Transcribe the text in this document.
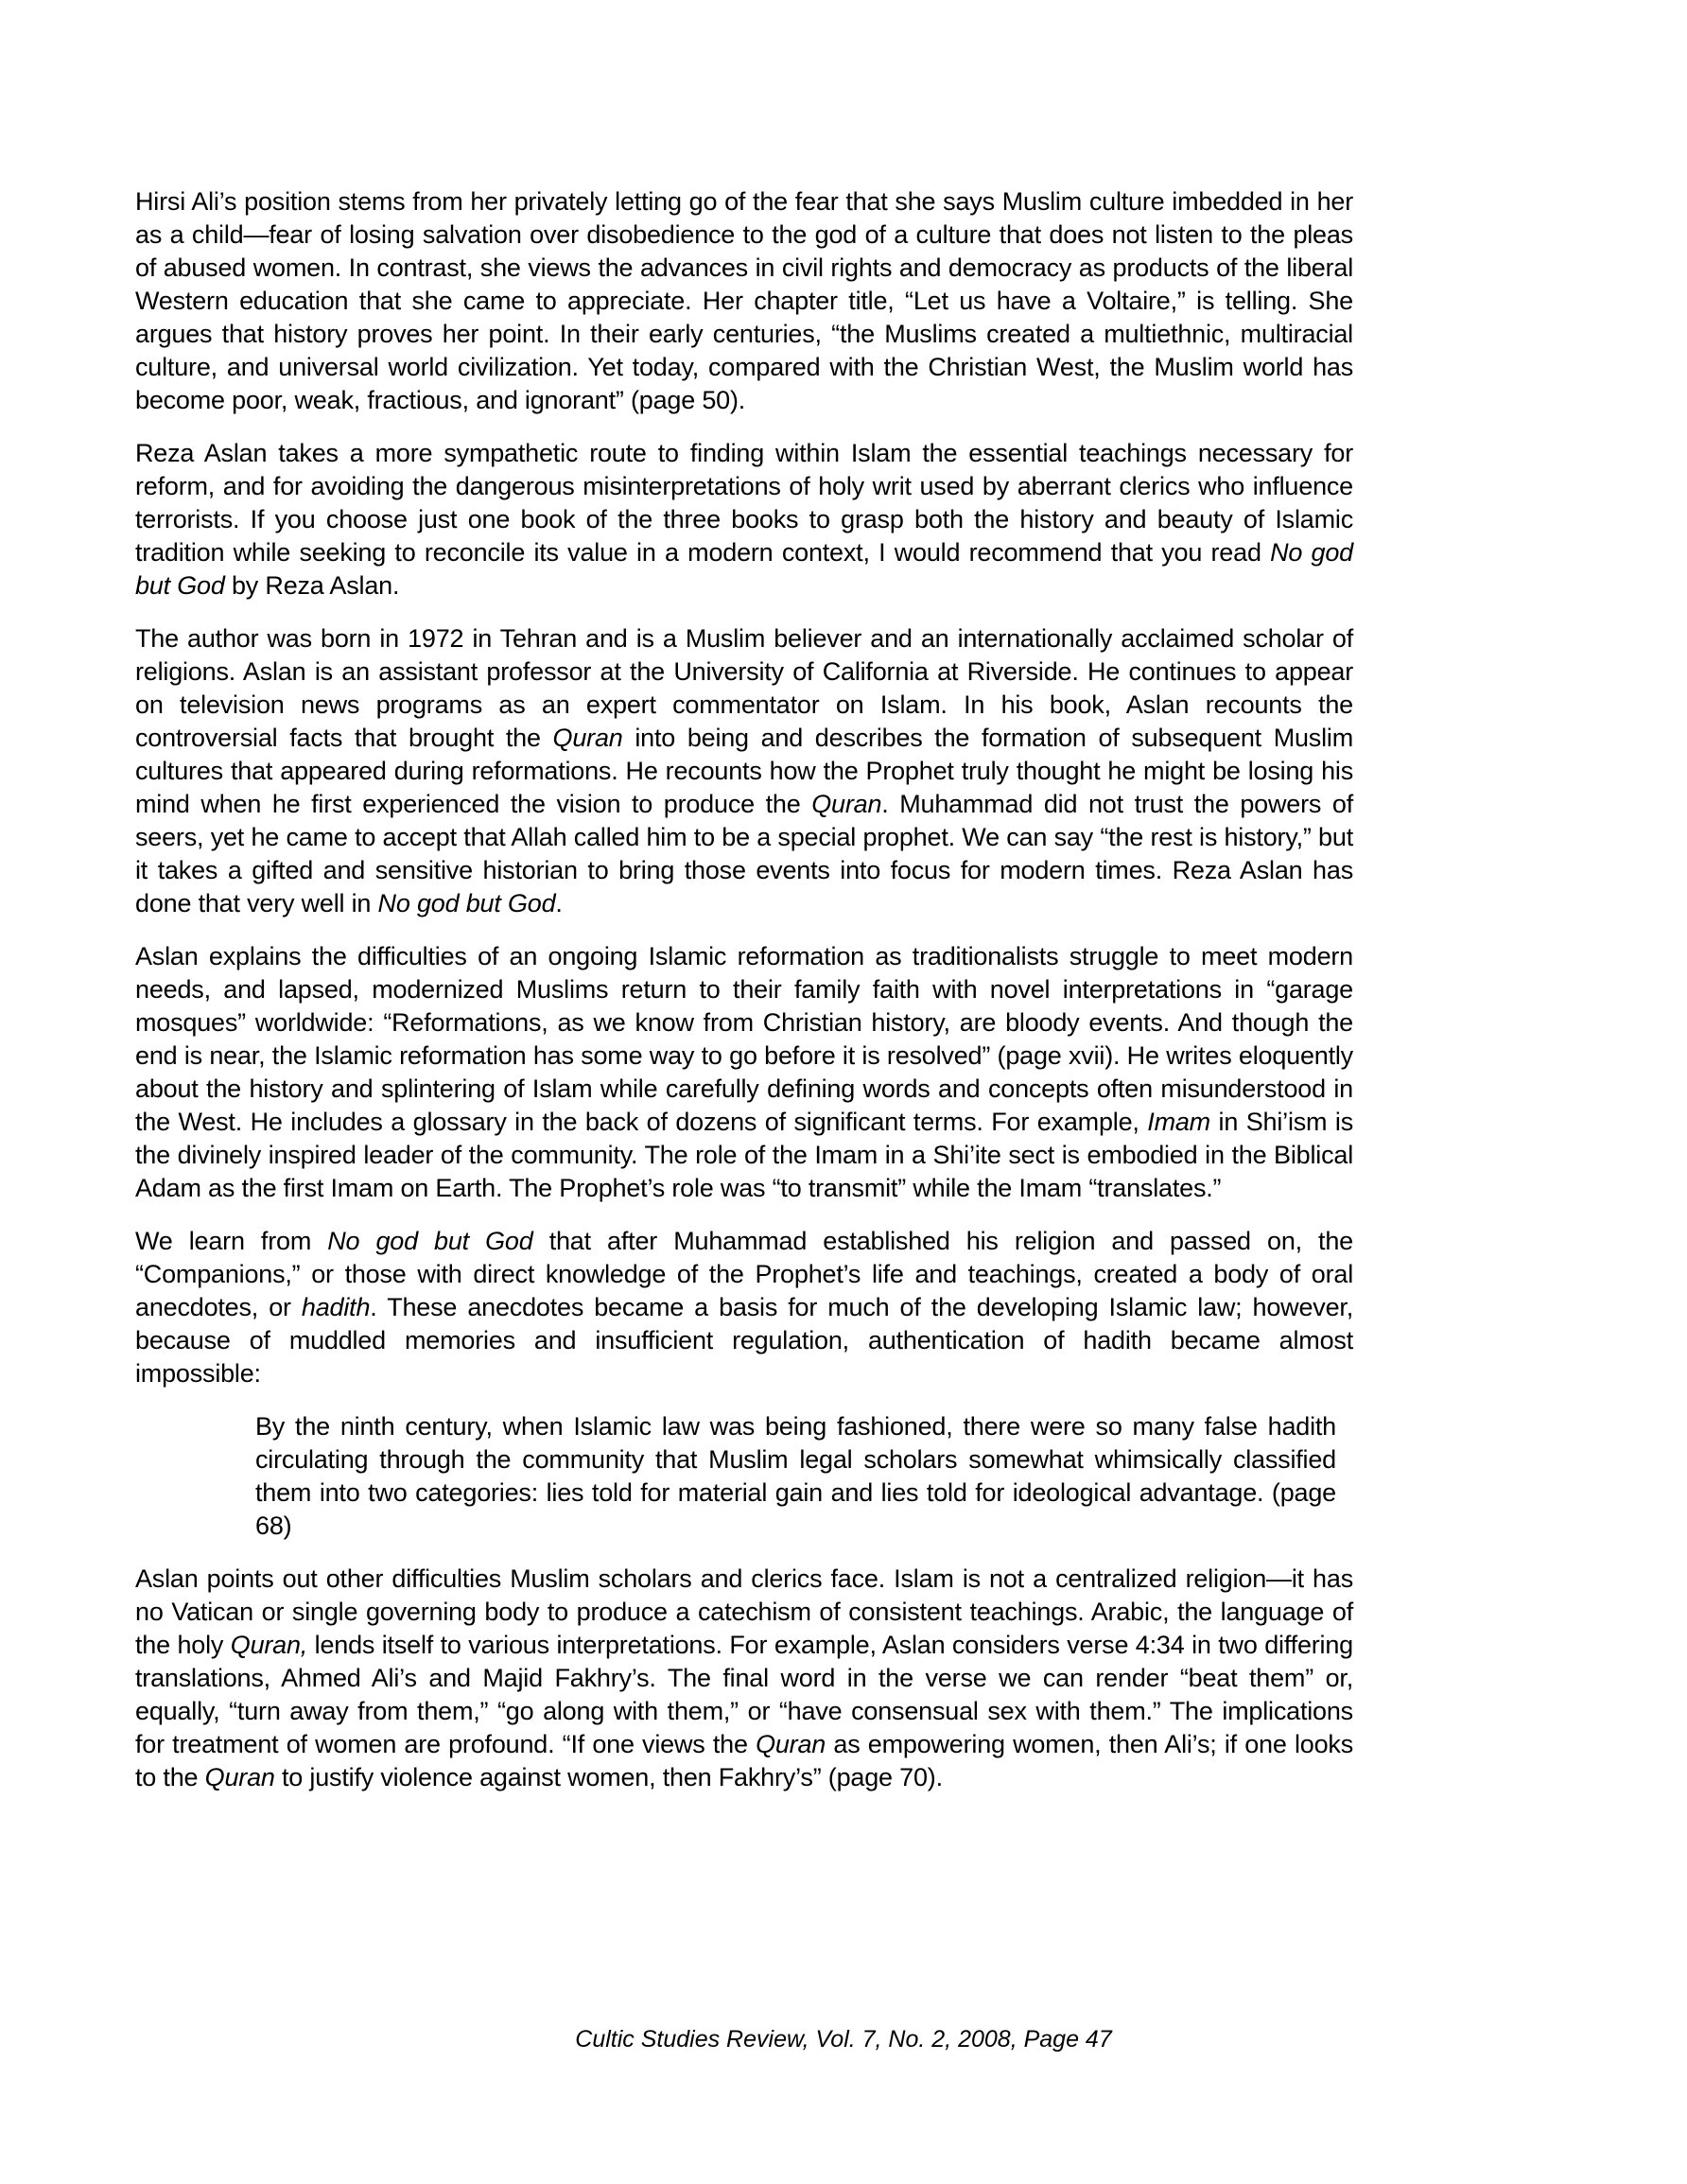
Hirsi Ali’s position stems from her privately letting go of the fear that she says Muslim culture imbedded in her as a child—fear of losing salvation over disobedience to the god of a culture that does not listen to the pleas of abused women. In contrast, she views the advances in civil rights and democracy as products of the liberal Western education that she came to appreciate. Her chapter title, “Let us have a Voltaire,” is telling. She argues that history proves her point. In their early centuries, “the Muslims created a multiethnic, multiracial culture, and universal world civilization. Yet today, compared with the Christian West, the Muslim world has become poor, weak, fractious, and ignorant” (page 50).

Reza Aslan takes a more sympathetic route to finding within Islam the essential teachings necessary for reform, and for avoiding the dangerous misinterpretations of holy writ used by aberrant clerics who influence terrorists. If you choose just one book of the three books to grasp both the history and beauty of Islamic tradition while seeking to reconcile its value in a modern context, I would recommend that you read No god but God by Reza Aslan.

The author was born in 1972 in Tehran and is a Muslim believer and an internationally acclaimed scholar of religions. Aslan is an assistant professor at the University of California at Riverside. He continues to appear on television news programs as an expert commentator on Islam. In his book, Aslan recounts the controversial facts that brought the Quran into being and describes the formation of subsequent Muslim cultures that appeared during reformations. He recounts how the Prophet truly thought he might be losing his mind when he first experienced the vision to produce the Quran. Muhammad did not trust the powers of seers, yet he came to accept that Allah called him to be a special prophet. We can say “the rest is history,” but it takes a gifted and sensitive historian to bring those events into focus for modern times. Reza Aslan has done that very well in No god but God.

Aslan explains the difficulties of an ongoing Islamic reformation as traditionalists struggle to meet modern needs, and lapsed, modernized Muslims return to their family faith with novel interpretations in “garage mosques” worldwide: “Reformations, as we know from Christian history, are bloody events. And though the end is near, the Islamic reformation has some way to go before it is resolved” (page xvii). He writes eloquently about the history and splintering of Islam while carefully defining words and concepts often misunderstood in the West. He includes a glossary in the back of dozens of significant terms. For example, Imam in Shi’ism is the divinely inspired leader of the community. The role of the Imam in a Shi’ite sect is embodied in the Biblical Adam as the first Imam on Earth. The Prophet’s role was “to transmit” while the Imam “translates.”

We learn from No god but God that after Muhammad established his religion and passed on, the “Companions,” or those with direct knowledge of the Prophet’s life and teachings, created a body of oral anecdotes, or hadith. These anecdotes became a basis for much of the developing Islamic law; however, because of muddled memories and insufficient regulation, authentication of hadith became almost impossible:

By the ninth century, when Islamic law was being fashioned, there were so many false hadith circulating through the community that Muslim legal scholars somewhat whimsically classified them into two categories: lies told for material gain and lies told for ideological advantage. (page 68)

Aslan points out other difficulties Muslim scholars and clerics face. Islam is not a centralized religion—it has no Vatican or single governing body to produce a catechism of consistent teachings. Arabic, the language of the holy Quran, lends itself to various interpretations. For example, Aslan considers verse 4:34 in two differing translations, Ahmed Ali’s and Majid Fakhry’s. The final word in the verse we can render “beat them” or, equally, “turn away from them,” “go along with them,” or “have consensual sex with them.” The implications for treatment of women are profound. “If one views the Quran as empowering women, then Ali’s; if one looks to the Quran to justify violence against women, then Fakhry’s” (page 70).

Cultic Studies Review, Vol. 7, No. 2, 2008, Page 47
